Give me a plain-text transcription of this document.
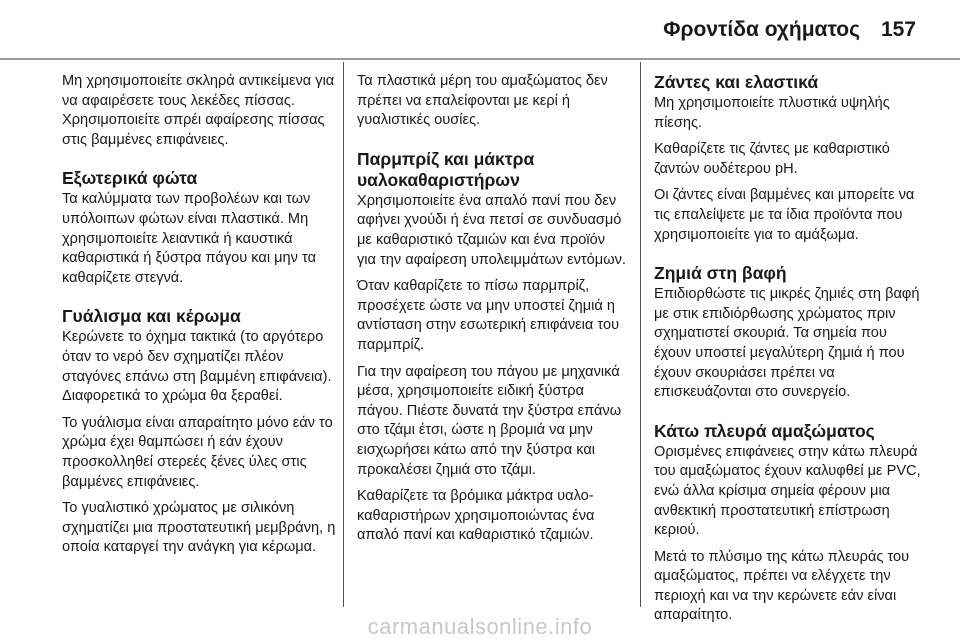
Φροντίδα οχήματος 157

Μη χρησιμοποιείτε σκληρά αντικείμενα για να αφαιρέσετε τους λεκέδες πίσσας. Χρησιμοποιείτε σπρέι αφαίρεσης πίσσας στις βαμμένες επιφάνειες.

Εξωτερικά φώτα

Τα καλύμματα των προβολέων και των υπόλοιπων φώτων είναι πλαστικά. Μη χρησιμοποιείτε λειαντικά ή καυστικά καθαριστικά ή ξύστρα πάγου και μην τα καθαρίζετε στεγνά.

Γυάλισμα και κέρωμα

Κερώνετε το όχημα τακτικά (το αργότερο όταν το νερό δεν σχηματίζει πλέον σταγόνες επάνω στη βαμμένη επιφάνεια). Διαφορετικά το χρώμα θα ξεραθεί.

Το γυάλισμα είναι απαραίτητο μόνο εάν το χρώμα έχει θαμπώσει ή εάν έχουν προσκολληθεί στερεές ξένες ύλες στις βαμμένες επιφάνειες.

Το γυαλιστικό χρώματος με σιλικόνη σχηματίζει μια προστατευτική μεμβράνη, η οποία καταργεί την ανάγκη για κέρωμα.

Τα πλαστικά μέρη του αμαξώματος δεν πρέπει να επαλείφονται με κερί ή γυαλιστικές ουσίες.

Παρμπρίζ και μάκτρα υαλοκαθαριστήρων

Χρησιμοποιείτε ένα απαλό πανί που δεν αφήνει χνούδι ή ένα πετσί σε συνδυασμό με καθαριστικό τζαμιών και ένα προϊόν για την αφαίρεση υπολειμμάτων εντόμων.

Όταν καθαρίζετε το πίσω παρμπρίζ, προσέχετε ώστε να μην υποστεί ζημιά η αντίσταση στην εσωτερική επιφάνεια του παρμπρίζ.

Για την αφαίρεση του πάγου με μηχανικά μέσα, χρησιμοποιείτε ειδική ξύστρα πάγου. Πιέστε δυνατά την ξύστρα επάνω στο τζάμι έτσι, ώστε η βρομιά να μην εισχωρήσει κάτω από την ξύστρα και προκαλέσει ζημιά στο τζάμι.

Καθαρίζετε τα βρόμικα μάκτρα υαλοκαθαριστήρων χρησιμοποιώντας ένα απαλό πανί και καθαριστικό τζαμιών.

Ζάντες και ελαστικά

Μη χρησιμοποιείτε πλυστικά υψηλής πίεσης.

Καθαρίζετε τις ζάντες με καθαριστικό ζαντών ουδέτερου pH.

Οι ζάντες είναι βαμμένες και μπορείτε να τις επαλείψετε με τα ίδια προϊόντα που χρησιμοποιείτε για το αμάξωμα.

Ζημιά στη βαφή

Επιδιορθώστε τις μικρές ζημιές στη βαφή με στικ επιδιόρθωσης χρώματος πριν σχηματιστεί σκουριά. Τα σημεία που έχουν υποστεί μεγαλύτερη ζημιά ή που έχουν σκουριάσει πρέπει να επισκευάζονται στο συνεργείο.

Κάτω πλευρά αμαξώματος

Ορισμένες επιφάνειες στην κάτω πλευρά του αμαξώματος έχουν καλυφθεί με PVC, ενώ άλλα κρίσιμα σημεία φέρουν μια ανθεκτική προστατευτική επίστρωση κεριού.

Μετά το πλύσιμο της κάτω πλευράς του αμαξώματος, πρέπει να ελέγχετε την περιοχή και να την κερώνετε εάν είναι απαραίτητο.

carmanualsonline.info
